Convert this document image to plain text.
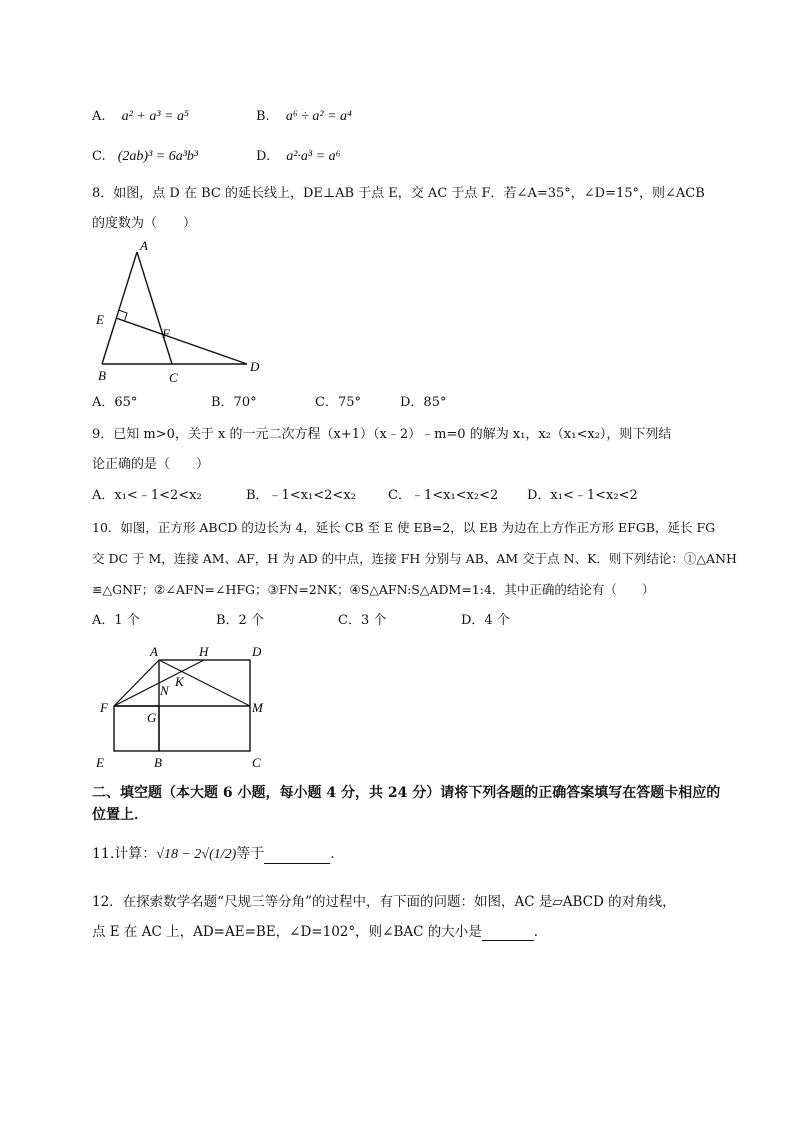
A. a² + a³ = a⁵	B. a⁶ ÷ a² = a⁴
C. (2ab)³ = 6a³b³	D. a²·a³ = a⁶
8．如图，点 D 在 BC 的延长线上，DE⊥AB 于点 E，交 AC 于点 F．若∠A=35°，∠D=15°，则∠ACB
的度数为（　　）
A
E
F
B	C
D
A．65°	B．70°	C．75°	D．85°
9．已知 m>0，关于 x 的一元二次方程（x+1）（x﹣2）﹣m=0 的解为 x₁，x₂（x₁<x₂），则下列结
论正确的是（　　）
A．x₁<﹣1<2<x₂	B．﹣1<x₁<2<x₂ C．﹣1<x₁<x₂<2 D．x₁<﹣1<x₂<2
10．如图，正方形 ABCD 的边长为 4，延长 CB 至 E 使 EB=2，以 EB 为边在上方作正方形 EFGB，延长 FG
交 DC 于 M，连接 AM、AF，H 为 AD 的中点，连接 FH 分别与 AB、AM 交于点 N、K．则下列结论：①△ANH
≌△GNF；②∠AFN=∠HFG；③FN=2NK；④S△AFN:S△ADM=1:4．其中正确的结论有（　　）
A．1 个	B．2 个	C．3 个	D．4 个
A	H	D
K
N
F
G
M
E	B	C
二、填空题（本大题 6 小题，每小题 4 分，共 24 分）请将下列各题的正确答案填写在答题卡相应的
位置上．
11.计算：√18 − 2√(1/2)等于	.
12．在探索数学名题“尺规三等分角”的过程中，有下面的问题：如图，AC 是▱ABCD 的对角线，
点 E 在 AC 上，AD=AE=BE，∠D=102°，则∠BAC 的大小是	.
